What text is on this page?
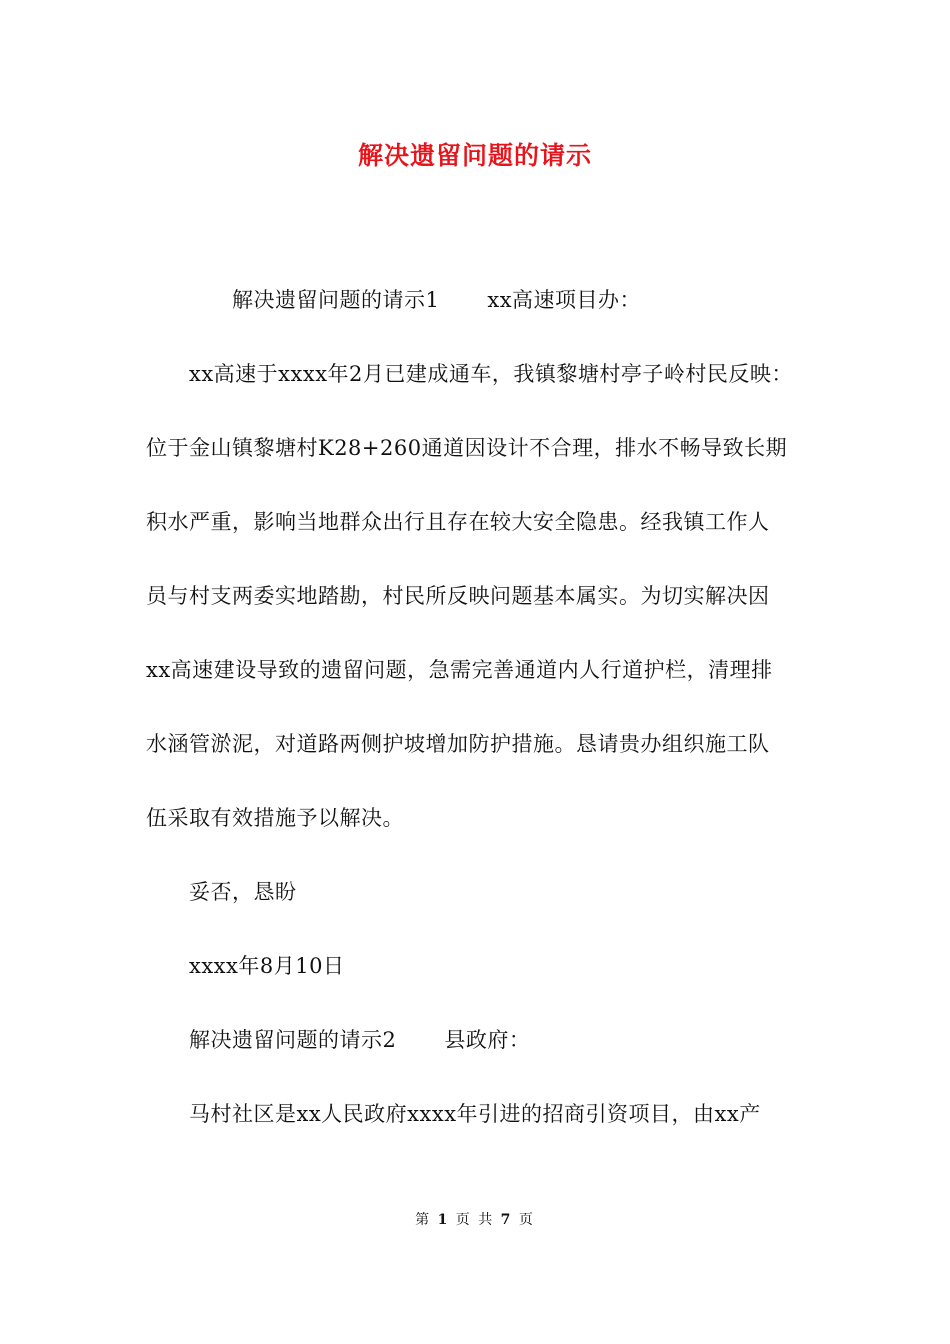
解决遗留问题的请示
解决遗留问题的请示1 xx高速项目办：
xx高速于xxxx年2月已建成通车，我镇黎塘村亭子岭村民反映：
位于金山镇黎塘村K28+260通道因设计不合理，排水不畅导致长期
积水严重，影响当地群众出行且存在较大安全隐患。经我镇工作人
员与村支两委实地踏勘，村民所反映问题基本属实。为切实解决因
xx高速建设导致的遗留问题，急需完善通道内人行道护栏，清理排
水涵管淤泥，对道路两侧护坡增加防护措施。恳请贵办组织施工队
伍采取有效措施予以解决。
妥否，恳盼
xxxx年8月10日
解决遗留问题的请示2 县政府：
马村社区是xx人民政府xxxx年引进的招商引资项目，由xx产
第 1 页 共 7 页
